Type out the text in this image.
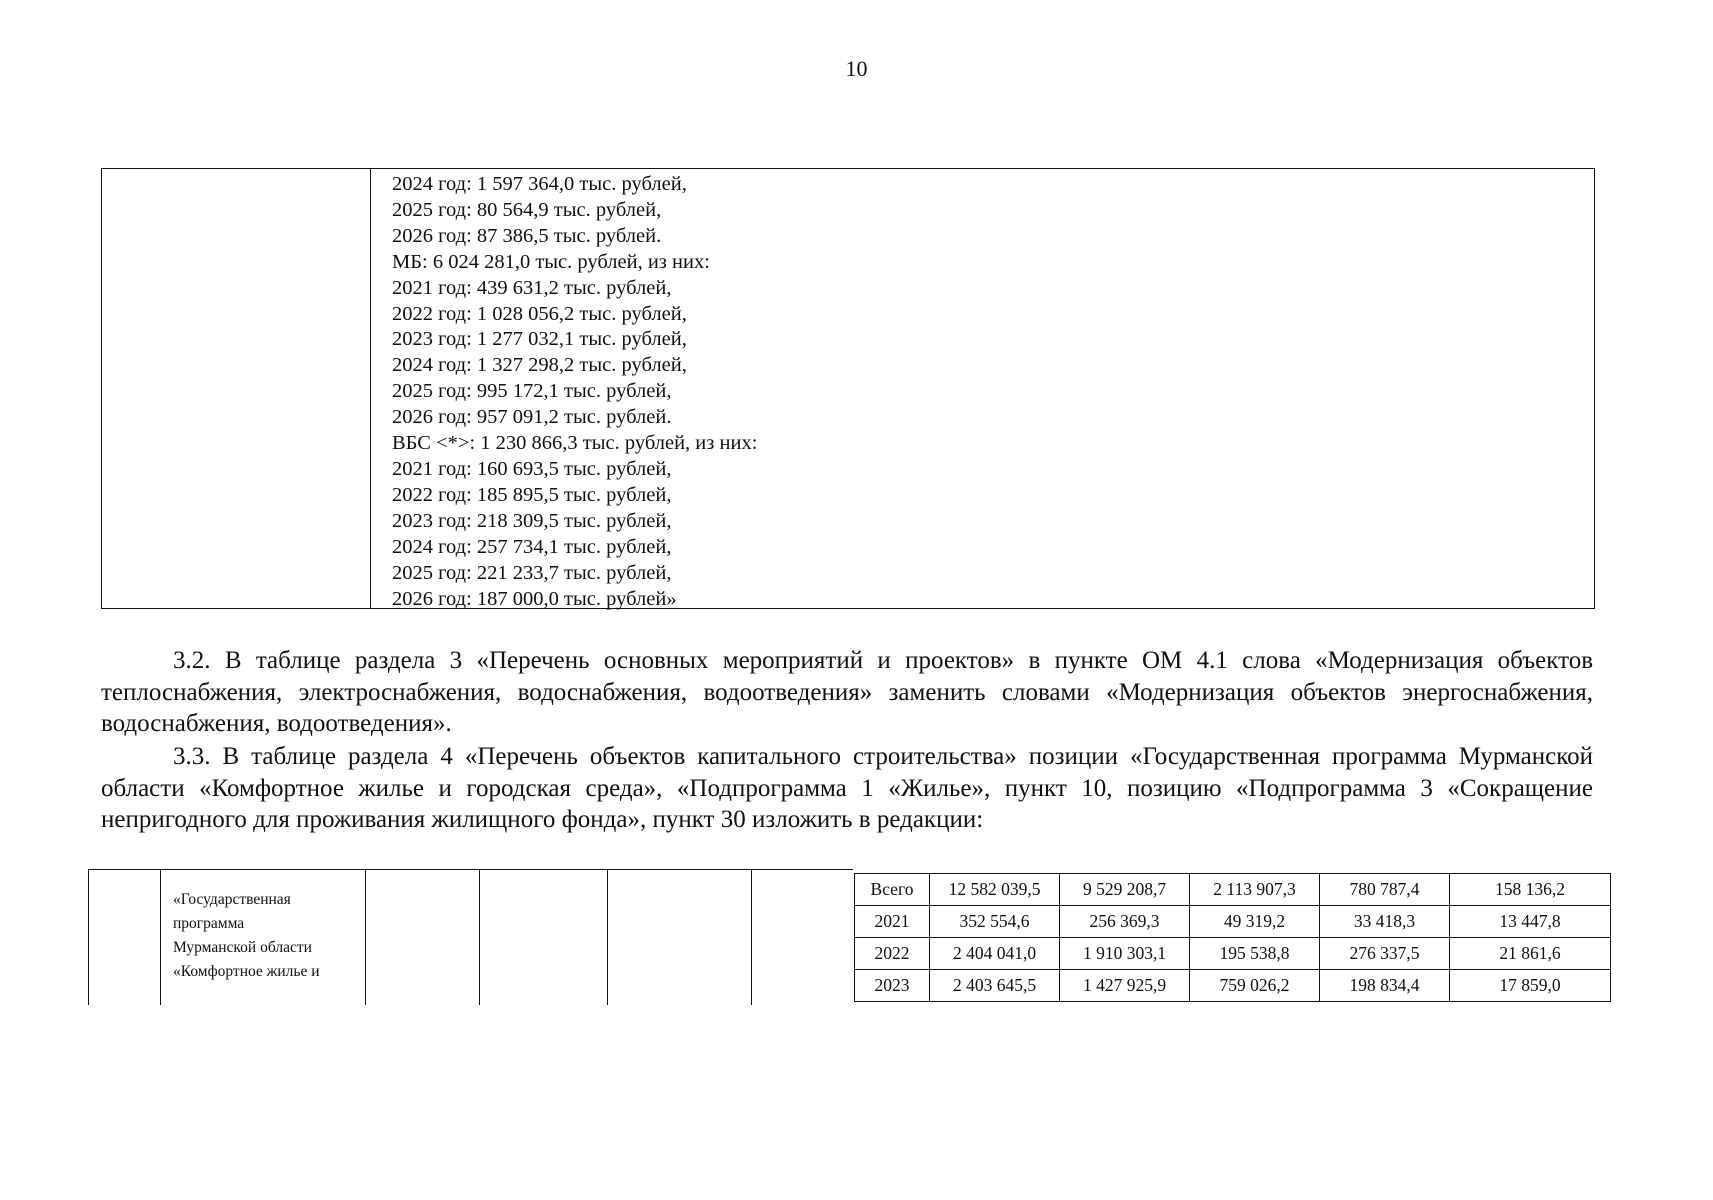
10
2024 год: 1 597 364,0 тыс. рублей,
2025 год: 80 564,9 тыс. рублей,
2026 год: 87 386,5 тыс. рублей.
МБ: 6 024 281,0 тыс. рублей, из них:
2021 год: 439 631,2 тыс. рублей,
2022 год: 1 028 056,2 тыс. рублей,
2023 год: 1 277 032,1 тыс. рублей,
2024 год: 1 327 298,2 тыс. рублей,
2025 год: 995 172,1 тыс. рублей,
2026 год: 957 091,2 тыс. рублей.
ВБС <*>: 1 230 866,3 тыс. рублей, из них:
2021 год: 160 693,5 тыс. рублей,
2022 год: 185 895,5 тыс. рублей,
2023 год: 218 309,5 тыс. рублей,
2024 год: 257 734,1 тыс. рублей,
2025 год: 221 233,7 тыс. рублей,
2026 год: 187 000,0 тыс. рублей»

3.2. В таблице раздела 3 «Перечень основных мероприятий и проектов» в пункте ОМ 4.1 слова «Модернизация объектов теплоснабжения, электроснабжения, водоснабжения, водоотведения» заменить словами «Модернизация объектов энергоснабжения, водоснабжения, водоотведения».

3.3. В таблице раздела 4 «Перечень объектов капитального строительства» позиции «Государственная программа Мурманской области «Комфортное жилье и городская среда», «Подпрограмма 1 «Жилье», пункт 10, позицию «Подпрограмма 3 «Сокращение непригодного для проживания жилищного фонда», пункт 30 изложить в редакции:

«Государственная
программа
Мурманской области
«Комфортное жилье и
Всего	12 582 039,5	9 529 208,7	2 113 907,3	780 787,4	158 136,2
2021	352 554,6	256 369,3	49 319,2	33 418,3	13 447,8
2022	2 404 041,0	1 910 303,1	195 538,8	276 337,5	21 861,6
2023	2 403 645,5	1 427 925,9	759 026,2	198 834,4	17 859,0
